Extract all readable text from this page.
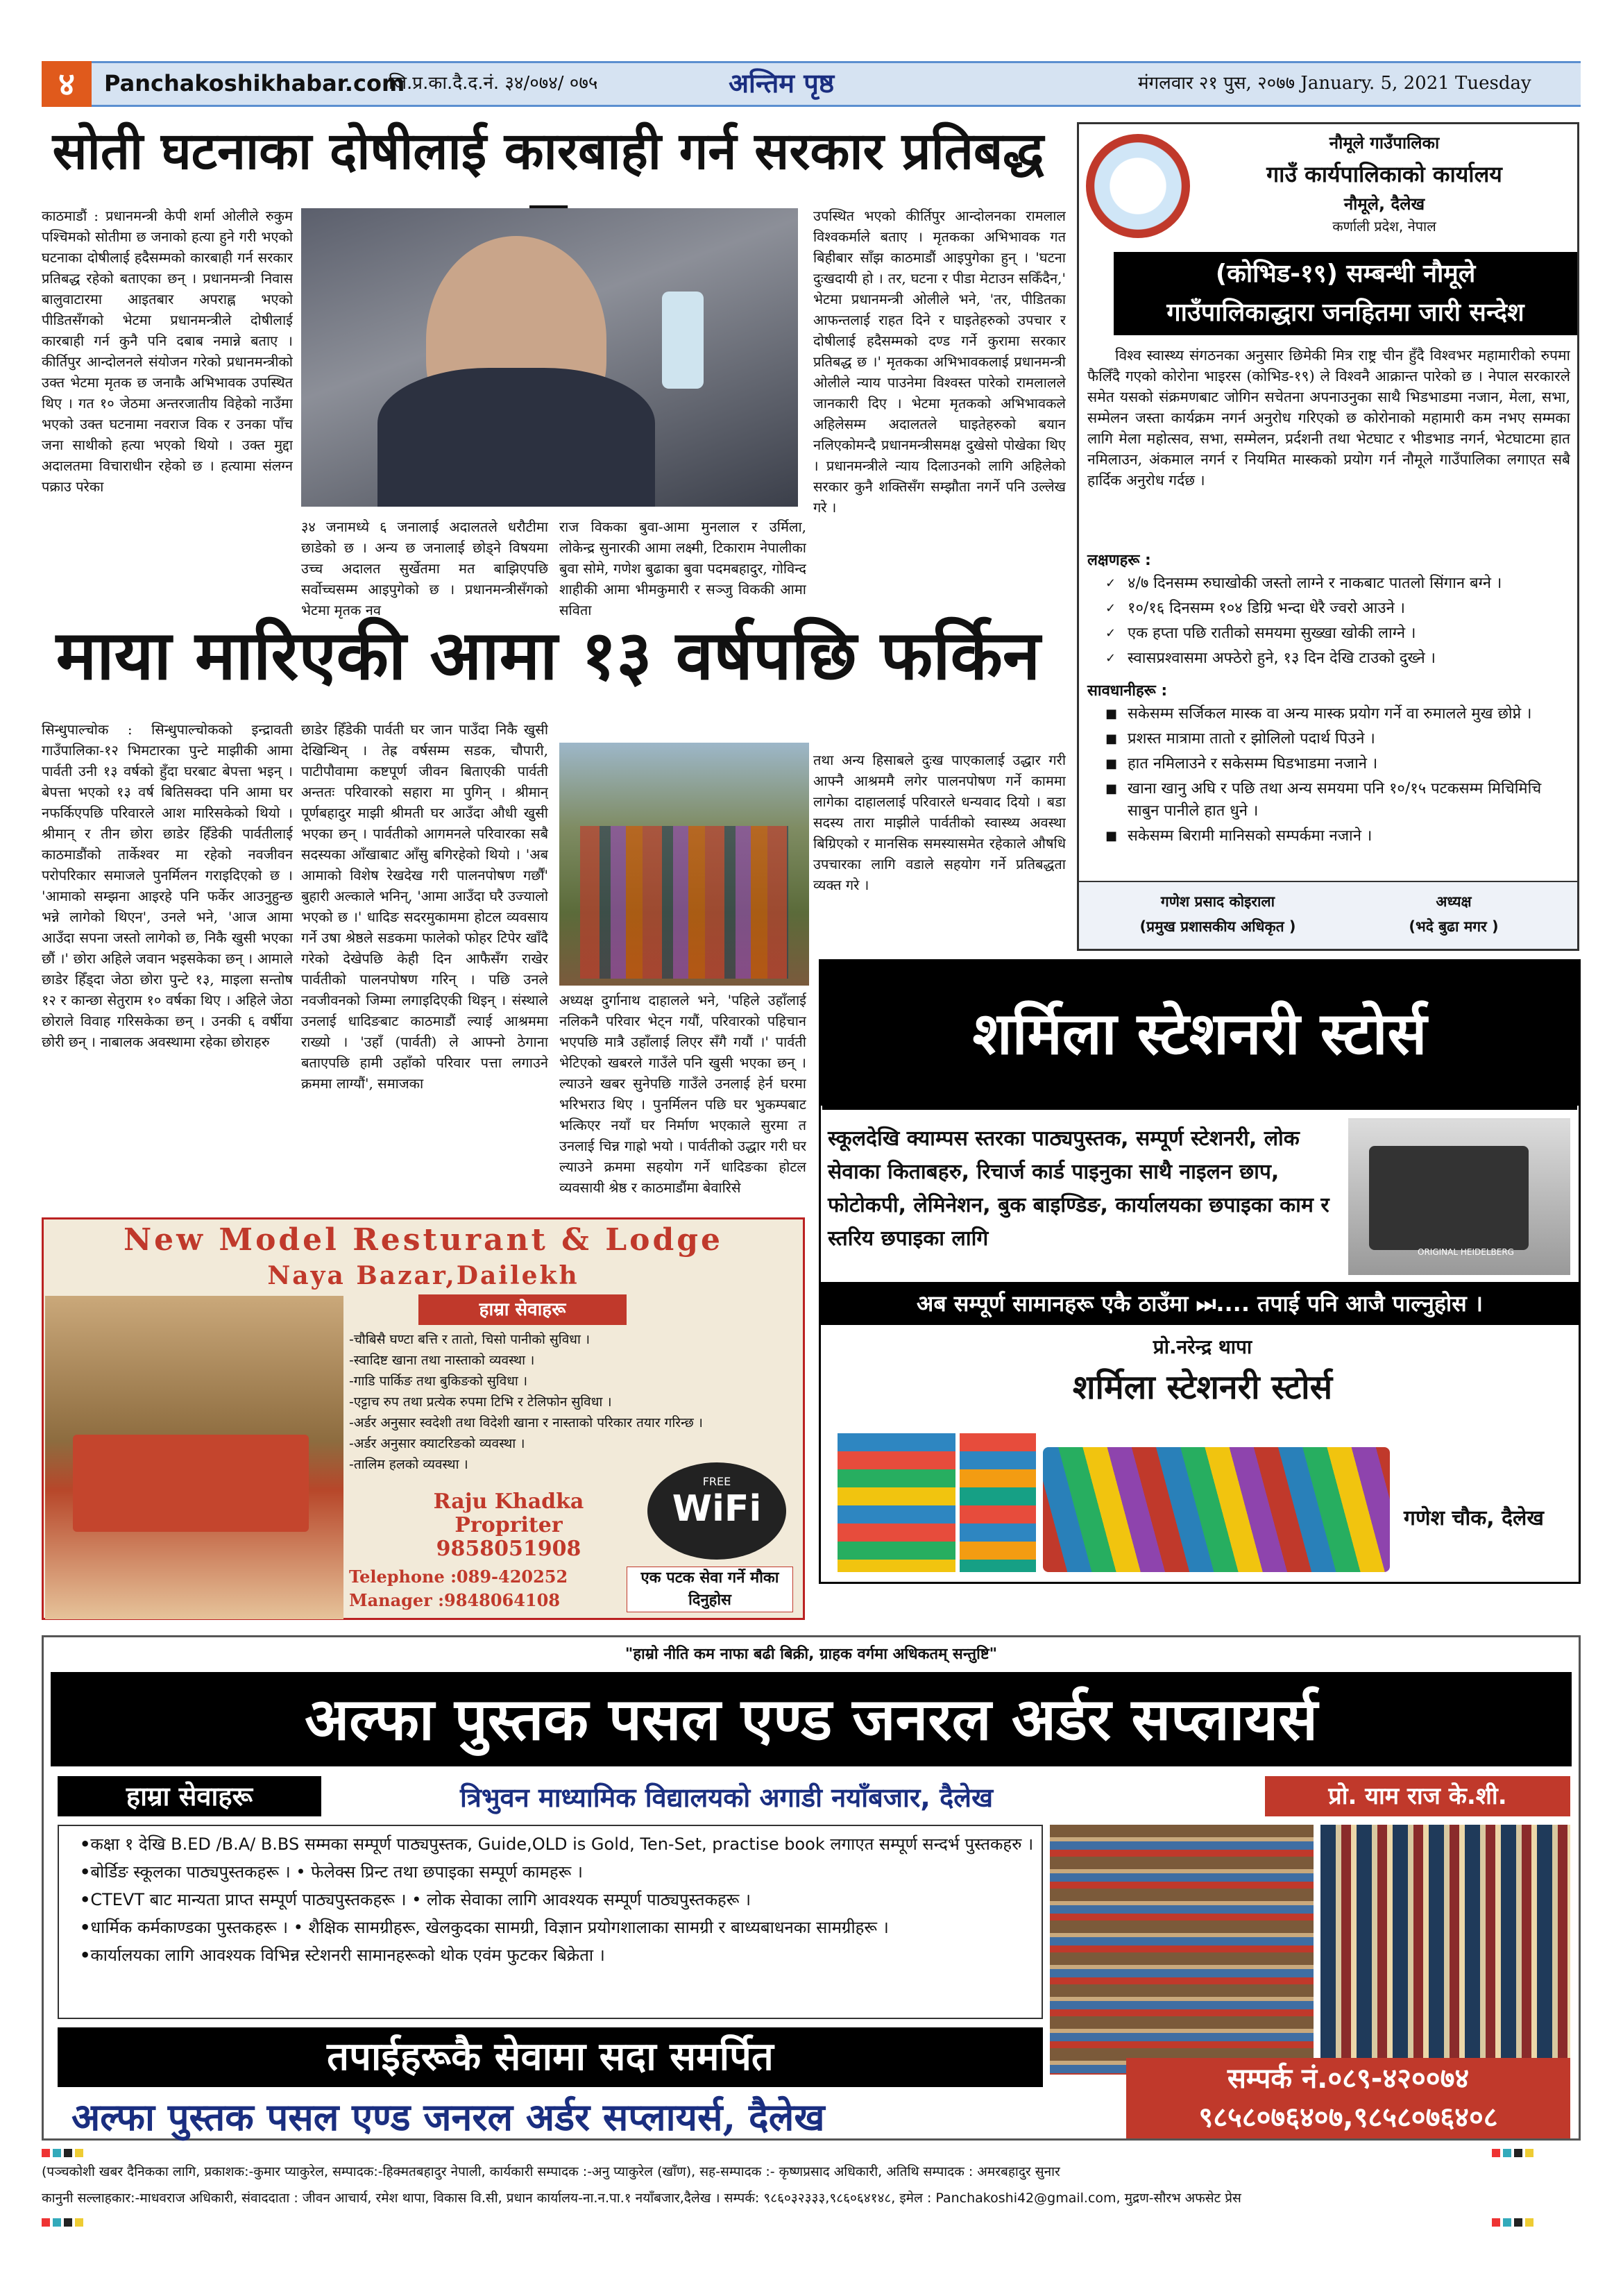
४	Panchakoshikhabar.com
जि.प्र.का.दै.द.नं. ३४/०७४/ ०७५	अन्तिम पृष्ठ	मंगलवार २१ पुस, २०७७ January. 5, 2021 Tuesday
सोती घटनाका दोषीलाई कारबाही गर्न सरकार प्रतिबद्ध
काठमाडौं : प्रधानमन्त्री केपी शर्मा ओलीले रुकुम पश्चिमको सोतीमा छ जनाको हत्या हुने गरी भएको घटनाका दोषीलाई हदैसम्मको कारबाही गर्न सरकार प्रतिबद्ध रहेको बताएका छन् । प्रधानमन्त्री निवास बालुवाटारमा आइतबार अपराह्न भएको पीडितसँगको भेटमा प्रधानमन्त्रीले दोषीलाई कारबाही गर्न कुनै पनि दबाब नमान्ने बताए । कीर्तिपुर आन्दोलनले संयोजन गरेको प्रधानमन्त्रीको उक्त भेटमा मृतक छ जनाकै अभिभावक उपस्थित थिए । गत १० जेठमा अन्तरजातीय विहेको नाउँमा भएको उक्त घटनामा नवराज विक र उनका पाँच जना साथीको हत्या भएको थियो । उक्त मुद्दा अदालतमा विचाराधीन रहेको छ । हत्यामा संलग्न पक्राउ परेका
३४ जनामध्ये ६ जनालाई अदालतले धरौटीमा छाडेको छ । अन्य छ जनालाई छोड्ने विषयमा उच्च अदालत सुर्खेतमा मत बाझिएपछि सर्वोच्चसम्म आइपुगेको छ । प्रधानमन्त्रीसँगको भेटमा मृतक नव
राज विकका बुवा-आमा मुनलाल र उर्मिला, लोकेन्द्र सुनारकी आमा लक्ष्मी, टिकाराम नेपालीका बुवा सोमे, गणेश बुढाका बुवा पदमबहादुर, गोविन्द शाहीकी आमा भीमकुमारी र सञ्जु विककी आमा सविता
उपस्थित भएको कीर्तिपुर आन्दोलनका रामलाल विश्वकर्माले बताए । मृतकका अभिभावक गत बिहीबार साँझ काठमाडौं आइपुगेका हुन् । 'घटना दुःखदायी हो । तर, घटना र पीडा मेटाउन सकिँदैन,' भेटमा प्रधानमन्त्री ओलीले भने, 'तर, पीडितका आफन्तलाई राहत दिने र घाइतेहरुको उपचार र दोषीलाई हदैसम्मको दण्ड गर्ने कुरामा सरकार प्रतिबद्ध छ ।' मृतकका अभिभावकलाई प्रधानमन्त्री ओलीले न्याय पाउनेमा विश्वस्त पारेको रामलालले जानकारी दिए । भेटमा मृतकको अभिभावकले अहिलेसम्म अदालतले घाइतेहरुको बयान नलिएकोमन्दै प्रधानमन्त्रीसमक्ष दुखेसो पोखेका थिए । प्रधानमन्त्रीले न्याय दिलाउनको लागि अहिलेको सरकार कुनै शक्तिसँग सम्झौता नगर्ने पनि उल्लेख गरे ।
माया मारिएकी आमा १३ वर्षपछि फर्किन
सिन्धुपाल्चोक : सिन्धुपाल्चोकको इन्द्रावती गाउँपालिका-१२ भिमटारका पुन्टे माझीकी आमा पार्वती उनी १३ वर्षको हुँदा घरबाट बेपत्ता भइन् । बेपत्ता भएको १३ वर्ष बितिसक्दा पनि आमा घर नफर्किएपछि परिवारले आश मारिसकेको थियो । श्रीमान् र तीन छोरा छाडेर हिँडेकी पार्वतीलाई काठमाडौंको तार्केश्वर मा रहेको नवजीवन परोपरिकार समाजले पुनर्मिलन गराइदिएको छ । 'आमाको सम्झना आइरहे पनि फर्केर आउनुहुन्छ भन्ने लागेको थिएन', उनले भने, 'आज आमा आउँदा सपना जस्तो लागेको छ, निकै खुसी भएका छौं ।' छोरा अहिले जवान भइसकेका छन् । आमाले छाडेर हिँड्दा जेठा छोरा पुन्टे १३, माइला सन्तोष १२ र कान्छा सेतुराम १० वर्षका थिए । अहिले जेठा छोराले विवाह गरिसकेका छन् । उनकी ६ वर्षीया छोरी छन् । नाबालक अवस्थामा रहेका छोराहरु
छाडेर हिँडेकी पार्वती घर जान पाउँदा निकै खुसी देखिन्थिन् । तेह्र वर्षसम्म सडक, चौपारी, पाटीपौवामा कष्टपूर्ण जीवन बिताएकी पार्वती अन्ततः परिवारको सहारा मा पुगिन् । श्रीमान् पूर्णबहादुर माझी श्रीमती घर आउँदा औधी खुसी भएका छन् । पार्वतीको आगमनले परिवारका सबै सदस्यका आँखाबाट आँसु बगिरहेको थियो । 'अब आमाको विशेष रेखदेख गरी पालनपोषण गर्छौं' बुहारी अल्काले भनिन्, 'आमा आउँदा घरै उज्यालो भएको छ ।' धादिङ सदरमुकाममा होटल व्यवसाय गर्ने उषा श्रेष्ठले सडकमा फालेको फोहर टिपेर खाँदै गरेको देखेपछि केही दिन आफैसँग राखेर पार्वतीको पालनपोषण गरिन् । पछि उनले नवजीवनको जिम्मा लगाइदिएकी थिइन् । संस्थाले उनलाई धादिङबाट काठमाडौं ल्याई आश्रममा राख्यो । 'उहाँ (पार्वती) ले आफ्नो ठेगाना बताएपछि हामी उहाँको परिवार पत्ता लगाउने क्रममा लाग्यौं', समाजका
अध्यक्ष दुर्गानाथ दाहालले भने, 'पहिले उहाँलाई नलिकनै परिवार भेट्न गयौं, परिवारको पहिचान भएपछि मात्रै उहाँलाई लिएर सँगै गयौं ।' पार्वती भेटिएको खबरले गाउँले पनि खुसी भएका छन् । ल्याउने खबर सुनेपछि गाउँले उनलाई हेर्न घरमा भरिभराउ थिए । पुनर्मिलन पछि घर भुकम्पबाट भत्किएर नयाँ घर निर्माण भएकाले सुरमा त उनलाई चिन्न गाह्रो भयो । पार्वतीको उद्धार गरी घर ल्याउने क्रममा सहयोग गर्ने धादिङका होटल व्यवसायी श्रेष्ठ र काठमाडौंमा बेवारिसे
तथा अन्य हिसाबले दुःख पाएकालाई उद्धार गरी आफ्नै आश्रममै लगेर पालनपोषण गर्ने काममा लागेका दाहाललाई परिवारले धन्यवाद दियो । बडा सदस्य तारा माझीले पार्वतीको स्वास्थ्य अवस्था बिग्रिएको र मानसिक समस्यासमेत रहेकाले औषधि उपचारका लागि वडाले सहयोग गर्ने प्रतिबद्धता व्यक्त गरे ।
नौमूले गाउँपालिका
गाउँ कार्यपालिकाको कार्यालय
नौमूले, दैलेख
कर्णाली प्रदेश, नेपाल
(कोभिड-१९) सम्बन्धी नौमूले
गाउँपालिकाद्धारा जनहितमा जारी सन्देश
विश्व स्वास्थ्य संगठनका अनुसार छिमेकी मित्र राष्ट्र चीन हुँदै विश्वभर महामारीको रुपमा फैलिँदै गएको कोरोना भाइरस (कोभिड-१९) ले विश्वनै आक्रान्त पारेको छ । नेपाल सरकारले समेत यसको संक्रमणबाट जोगिन सचेतना अपनाउनुका साथै भिडभाडमा नजान, मेला, सभा, सम्मेलन जस्ता कार्यक्रम नगर्न अनुरोध गरिएको छ कोरोनाको महामारी कम नभए सम्मका लागि मेला महोत्सव, सभा, सम्मेलन, प्रर्दशनी तथा भेटघाट र भीडभाड नगर्न, भेटघाटमा हात नमिलाउन, अंकमाल नगर्न र नियमित मास्कको प्रयोग गर्न नौमूले गाउँपालिका लगाएत सबै हार्दिक अनुरोध गर्दछ ।
लक्षणहरू :
✓ ४/७ दिनसम्म रुघाखोकी जस्तो लाग्ने र नाकबाट पातलो सिंगान बग्ने ।
✓ १०/१६ दिनसम्म १०४ डिग्रि भन्दा धेरै ज्वरो आउने ।
✓ एक हप्ता पछि रातीको समयमा सुख्खा खोकी लाग्ने ।
✓ स्वासप्रश्वासमा अफ्ठेरो हुने, १३ दिन देखि टाउको दुख्ने ।
सावधानीहरू :
■ सकेसम्म सर्जिकल मास्क वा अन्य मास्क प्रयोग गर्ने वा रुमालले मुख छोप्ने ।
■ प्रशस्त मात्रामा तातो र झोलिलो पदार्थ पिउने ।
■ हात नमिलाउने र सकेसम्म घिडभाडमा नजाने ।
■ खाना खानु अघि र पछि तथा अन्य समयमा पनि १०/१५ पटकसम्म मिचिमिचि साबुन पानीले हात धुने ।
■ सकेसम्म बिरामी मानिसको सम्पर्कमा नजाने ।
गणेश प्रसाद कोइराला
(प्रमुख प्रशासकीय अधिकृत )
अध्यक्ष
(भदे बुढा मगर )
शर्मिला स्टेशनरी स्टोर्स
स्कूलदेखि क्याम्पस स्तरका पाठ्यपुस्तक, सम्पूर्ण स्टेशनरी, लोक सेवाका किताबहरु, रिचार्ज कार्ड पाइनुका साथै नाइलन छाप, फोटोकपी, लेमिनेशन, बुक बाइण्डिङ, कार्यालयका छपाइका काम र स्तरिय छपाइका लागि
ORIGINAL HEIDELBERG
अब सम्पूर्ण सामानहरू एकै ठाउँमा ⏭.... तपाई पनि आजै पाल्नुहोस ।
प्रो.नरेन्द्र थापा
शर्मिला स्टेशनरी स्टोर्स
गणेश चौक, दैलेख
New Model Resturant & Lodge
Naya Bazar,Dailekh
हाम्रा सेवाहरू
-चौबिसै घण्टा बत्ति र तातो, चिसो पानीको सुविधा ।
-स्वादिष्ट खाना तथा नास्ताको व्यवस्था ।
-गाडि पार्किङ तथा बुकिङको सुविधा ।
-एट्टाच रुप तथा प्रत्येक रुपमा टिभि र टेलिफोन सुविधा ।
-अर्डर अनुसार स्वदेशी तथा विदेशी खाना र नास्ताको परिकार तयार गरिन्छ ।
-अर्डर अनुसार क्याटरिङको व्यवस्था ।
-तालिम हलको व्यवस्था ।
Raju Khadka
Propriter
9858051908
FREE
WiFi
Telephone :089-420252
Manager :9848064108
एक पटक सेवा गर्ने मौका दिनुहोस
"हाम्रो नीति कम नाफा बढी बिक्री, ग्राहक वर्गमा अधिकतम् सन्तुष्टि"
अल्फा पुस्तक पसल एण्ड जनरल अर्डर सप्लायर्स
हाम्रा सेवाहरू	त्रिभुवन माध्यामिक विद्यालयको अगाडी नयाँबजार, दैलेख	प्रो. याम राज के.शी.
• कक्षा १ देखि B.ED /B.A/ B.BS सम्मका सम्पूर्ण पाठ्यपुस्तक, Guide,OLD is Gold, Ten-Set, practise book लगाएत सम्पूर्ण सन्दर्भ पुस्तकहरु ।
• बोर्डिङ स्कूलका पाठ्यपुस्तकहरू । • फेलेक्स प्रिन्ट तथा छपाइका सम्पूर्ण कामहरू ।
• CTEVT बाट मान्यता प्राप्त सम्पूर्ण पाठ्यपुस्तकहरू । • लोक सेवाका लागि आवश्यक सम्पूर्ण पाठ्यपुस्तकहरू ।
• धार्मिक कर्मकाण्डका पुस्तकहरू । • शैक्षिक सामग्रीहरू, खेलकुदका सामग्री, विज्ञान प्रयोगशालाका सामग्री र बाध्यबाधनका सामग्रीहरू ।
• कार्यालयका लागि आवश्यक विभिन्न स्टेशनरी सामानहरूको थोक एवंम फुटकर बिक्रेता ।
तपाईहरूकै सेवामा सदा समर्पित
अल्फा पुस्तक पसल एण्ड जनरल अर्डर सप्लायर्स, दैलेख
सम्पर्क नं.०८९-४२००७४
९८५८०७६४०७,९८५८०७६४०८
(पञ्चकोशी खबर दैनिकका लागि, प्रकाशक:-कुमार प्याकुरेल, सम्पादक:-हिक्मतबहादुर नेपाली, कार्यकारी सम्पादक :-अनु प्याकुरेल (खाँण), सह-सम्पादक :- कृष्णप्रसाद अधिकारी, अतिथि सम्पादक : अमरबहादुर सुनार
कानुनी सल्लाहकार:-माधवराज अधिकारी, संवाददाता : जीवन आचार्य, रमेश थापा, विकास वि.सी, प्रधान कार्यालय-ना.न.पा.१ नयाँबजार,दैलेख । सम्पर्क: ९८६०३२३३३,९८६०६४१४८, इमेल : Panchakoshi42@gmail.com, मुद्रण-सौरभ अफसेट प्रेस
